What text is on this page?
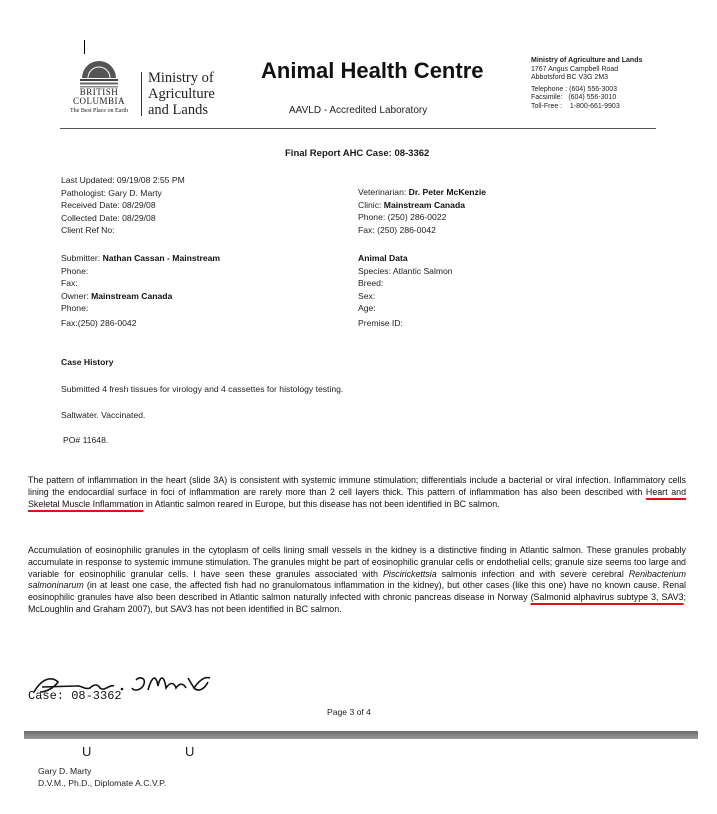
BRITISH
COLUMBIA
The Best Place on Earth
Ministry of
Agriculture
and Lands
Animal Health Centre
AAVLD - Accredited Laboratory
Ministry of Agriculture and Lands
1767 Angus Campbell Road
Abbotsford BC V3G 2M3
Telephone : (604) 556-3003
Facsimile:   (604) 556-3010
Toll-Free :    1-800-661-9903
Final Report AHC Case: 08-3362
Last Updated: 09/19/08 2:55 PM
Pathologist: Gary D. Marty
Received Date: 08/29/08
Collected Date: 08/29/08
Client Ref No:
Veterinarian: Dr. Peter McKenzie
Clinic: Mainstream Canada
Phone: (250) 286-0022
Fax: (250) 286-0042
Submitter: Nathan Cassan - Mainstream
Phone:
Fax:
Owner: Mainstream Canada
Phone:
Fax:(250) 286-0042
Animal Data
Species: Atlantic Salmon
Breed:
Sex:
Age:
Premise ID:
Case History
Submitted 4 fresh tissues for virology and 4 cassettes for histology testing.
Saltwater. Vaccinated.
PO# 11648.
The pattern of inflammation in the heart (slide 3A) is consistent with systemic immune stimulation; differentials include a bacterial or viral infection. Inflammatory cells lining the endocardial surface in foci of inflammation are rarely more than 2 cell layers thick. This pattern of inflammation has also been described with Heart and Skeletal Muscle Inflammation in Atlantic salmon reared in Europe, but this disease has not been identified in BC salmon.
Accumulation of eosinophilic granules in the cytoplasm of cells lining small vessels in the kidney is a distinctive finding in Atlantic salmon. These granules probably accumulate in response to systemic immune stimulation. The granules might be part of eosinophilic granular cells or endothelial cells; granule size seems too large and variable for eosinophilic granular cells. I have seen these granules associated with Piscirickettsia salmonis infection and with severe cerebral Renibacterium salmoninarum (in at least one case, the affected fish had no granulomatous inflammation in the kidney), but other cases (like this one) have no known cause. Renal eosinophilic granules have also been described in Atlantic salmon naturally infected with chronic pancreas disease in Norway (Salmonid alphavirus subtype 3, SAV3; McLoughlin and Graham 2007), but SAV3 has not been identified in BC salmon.
Case: 08-3362
Page 3 of 4
U	U
Gary D. Marty
D.V.M., Ph.D., Diplomate A.C.V.P.
